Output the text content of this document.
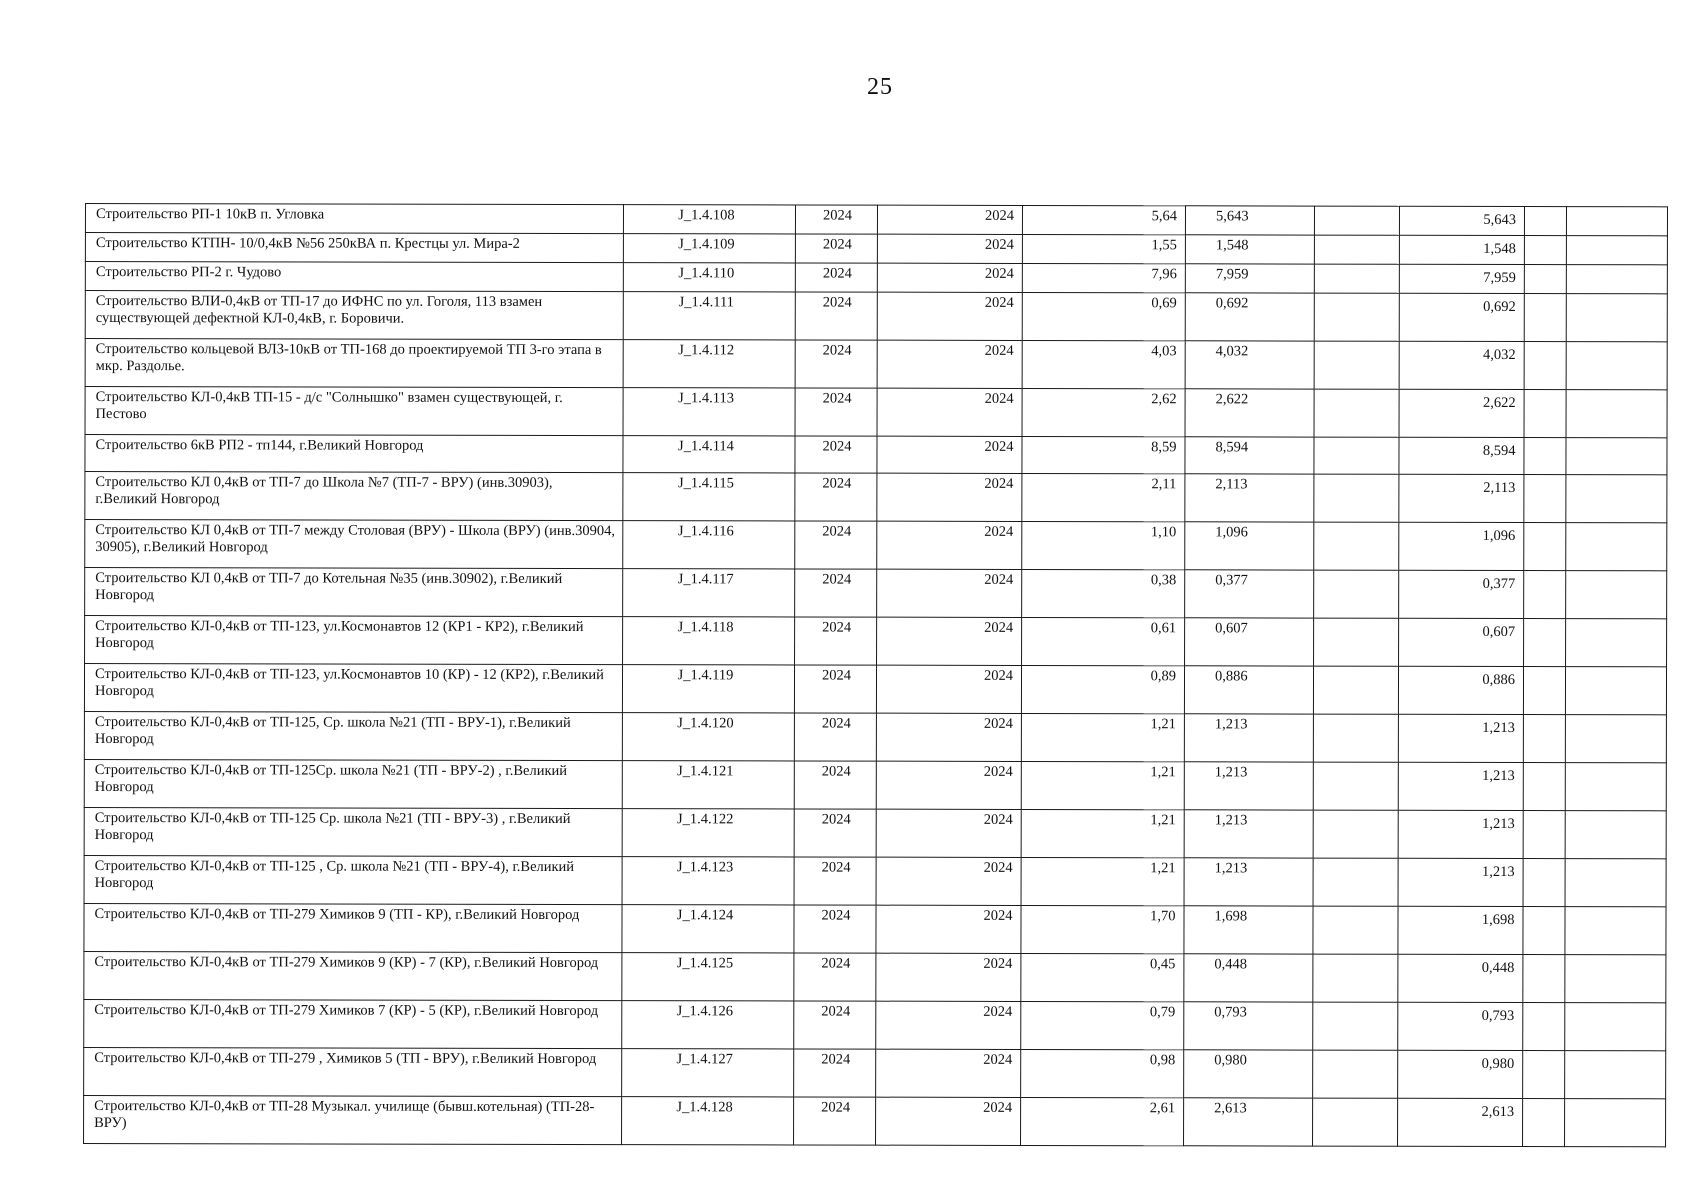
25
Строительство РП-1 10кВ п. Угловка	J_1.4.108	2024	2024	5,64	5,643		5,643		
Строительство КТПН- 10/0,4кВ №56 250кВА п. Крестцы ул. Мира-2	J_1.4.109	2024	2024	1,55	1,548		1,548		
Строительство РП-2 г. Чудово	J_1.4.110	2024	2024	7,96	7,959		7,959		
Строительство ВЛИ-0,4кВ от ТП-17 до ИФНС по ул. Гоголя, 113 взамен существующей дефектной КЛ-0,4кВ, г. Боровичи.	J_1.4.111	2024	2024	0,69	0,692		0,692		
Строительство кольцевой ВЛЗ-10кВ от ТП-168 до проектируемой ТП 3-го этапа в мкр. Раздолье.	J_1.4.112	2024	2024	4,03	4,032		4,032		
Строительство КЛ-0,4кВ ТП-15 - д/с "Солнышко" взамен существующей, г. Пестово	J_1.4.113	2024	2024	2,62	2,622		2,622		
Строительство 6кВ РП2 - тп144, г.Великий Новгород	J_1.4.114	2024	2024	8,59	8,594		8,594		
Строительство КЛ 0,4кВ от ТП-7 до Школа №7 (ТП-7 - ВРУ) (инв.30903), г.Великий Новгород	J_1.4.115	2024	2024	2,11	2,113		2,113		
Строительство КЛ 0,4кВ от ТП-7 между Столовая (ВРУ) - Школа (ВРУ) (инв.30904, 30905), г.Великий Новгород	J_1.4.116	2024	2024	1,10	1,096		1,096		
Строительство КЛ 0,4кВ от ТП-7 до Котельная №35 (инв.30902), г.Великий Новгород	J_1.4.117	2024	2024	0,38	0,377		0,377		
Строительство КЛ-0,4кВ от ТП-123, ул.Космонавтов 12 (КР1 - КР2), г.Великий Новгород	J_1.4.118	2024	2024	0,61	0,607		0,607		
Строительство КЛ-0,4кВ от ТП-123, ул.Космонавтов 10 (КР) - 12 (КР2), г.Великий Новгород	J_1.4.119	2024	2024	0,89	0,886		0,886		
Строительство КЛ-0,4кВ от ТП-125, Ср. школа №21 (ТП - ВРУ-1), г.Великий Новгород	J_1.4.120	2024	2024	1,21	1,213		1,213		
Строительство КЛ-0,4кВ от ТП-125Ср. школа №21 (ТП - ВРУ-2) , г.Великий Новгород	J_1.4.121	2024	2024	1,21	1,213		1,213		
Строительство КЛ-0,4кВ от ТП-125 Ср. школа №21 (ТП - ВРУ-3) , г.Великий Новгород	J_1.4.122	2024	2024	1,21	1,213		1,213		
Строительство КЛ-0,4кВ от ТП-125 , Ср. школа №21 (ТП - ВРУ-4), г.Великий Новгород	J_1.4.123	2024	2024	1,21	1,213		1,213		
Строительство КЛ-0,4кВ от ТП-279 Химиков 9 (ТП - КР), г.Великий Новгород	J_1.4.124	2024	2024	1,70	1,698		1,698		
Строительство КЛ-0,4кВ от ТП-279 Химиков 9 (КР) - 7 (КР), г.Великий Новгород	J_1.4.125	2024	2024	0,45	0,448		0,448		
Строительство КЛ-0,4кВ от ТП-279 Химиков 7 (КР) - 5 (КР), г.Великий Новгород	J_1.4.126	2024	2024	0,79	0,793		0,793		
Строительство КЛ-0,4кВ от ТП-279 , Химиков 5 (ТП - ВРУ), г.Великий Новгород	J_1.4.127	2024	2024	0,98	0,980		0,980		
Строительство КЛ-0,4кВ от ТП-28 Музыкал. училище (бывш.котельная) (ТП-28-ВРУ)	J_1.4.128	2024	2024	2,61	2,613		2,613		
